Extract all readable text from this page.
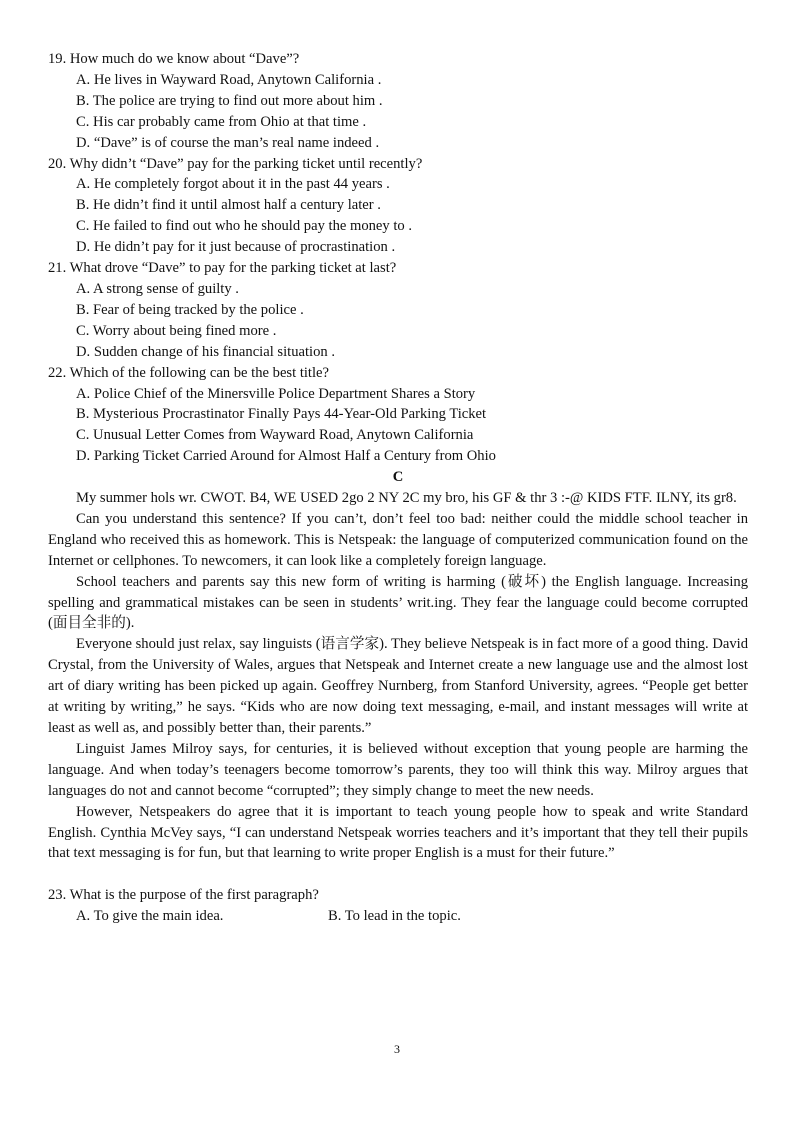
19. How much do we know about “Dave”?
A. He lives in Wayward Road, Anytown California .
B. The police are trying to find out more about him .
C. His car probably came from Ohio at that time .
D. “Dave” is of course the man’s real name indeed .
20. Why didn’t “Dave” pay for the parking ticket until recently?
A. He completely forgot about it in the past 44 years .
B. He didn’t find it until almost half a century later .
C. He failed to find out who he should pay the money to .
D. He didn’t pay for it just because of procrastination .
21. What drove “Dave” to pay for the parking ticket at last?
A. A strong sense of guilty .
B. Fear of being tracked by the police .
C. Worry about being fined more .
D. Sudden change of his financial situation .
22. Which of the following can be the best title?
A. Police Chief of the Minersville Police Department Shares a Story
B. Mysterious Procrastinator Finally Pays 44-Year-Old Parking Ticket
C. Unusual Letter Comes from Wayward Road, Anytown California
D. Parking Ticket Carried Around for Almost Half a Century from Ohio
C
My summer hols wr. CWOT. B4, WE USED 2go 2 NY 2C my bro, his GF & thr 3 :-@ KIDS FTF. ILNY, its gr8.
Can you understand this sentence? If you can’t, don’t feel too bad: neither could the middle school teacher in England who received this as homework. This is Netspeak: the language of computerized communication found on the Internet or cellphones. To newcomers, it can look like a completely foreign language.
School teachers and parents say this new form of writing is harming (破坏) the English language. Increasing spelling and grammatical mistakes can be seen in students’ writ.ing. They fear the language could become corrupted (面目全非的).
Everyone should just relax, say linguists (语言学家). They believe Netspeak is in fact more of a good thing. David Crystal, from the University of Wales, argues that Netspeak and Internet create a new language use and the almost lost art of diary writing has been picked up again. Geoffrey Nurnberg, from Stanford University, agrees. “People get better at writing by writing,” he says. “Kids who are now doing text messaging, e-mail, and instant messages will write at least as well as, and possibly better than, their parents.”
Linguist James Milroy says, for centuries, it is believed without exception that young people are harming the language. And when today’s teenagers become tomorrow’s parents, they too will think this way. Milroy argues that languages do not and cannot become “corrupted”; they simply change to meet the new needs.
However, Netspeakers do agree that it is important to teach young people how to speak and write Standard English. Cynthia McVey says, “I can understand Netspeak worries teachers and it’s important that they tell their pupils that text messaging is for fun, but that learning to write proper English is a must for their future.”
23. What is the purpose of the first paragraph?
A. To give the main idea.	B. To lead in the topic.
3
